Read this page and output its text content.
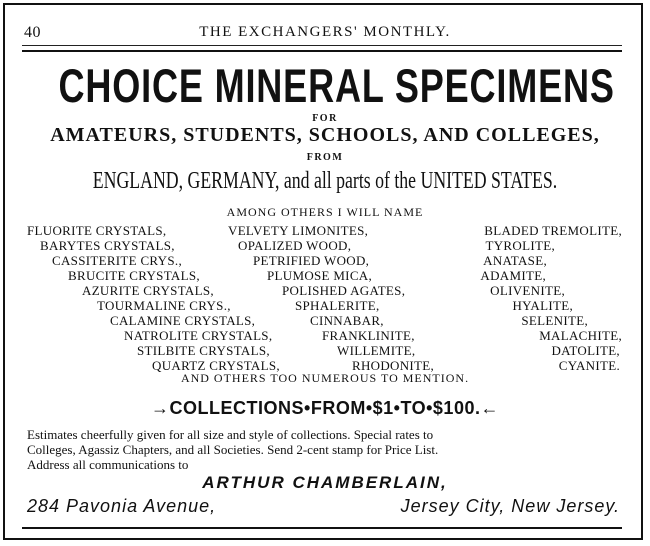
40	THE EXCHANGERS' MONTHLY.
CHOICE MINERAL SPECIMENS
FOR
AMATEURS, STUDENTS, SCHOOLS, AND COLLEGES,
FROM
ENGLAND, GERMANY, and all parts of the UNITED STATES.
AMONG OTHERS I WILL NAME
FLUORITE CRYSTALS,
BARYTES CRYSTALS,
CASSITERITE CRYS.,
BRUCITE CRYSTALS,
AZURITE CRYSTALS,
TOURMALINE CRYS.,
CALAMINE CRYSTALS,
NATROLITE CRYSTALS,
STILBITE CRYSTALS,
QUARTZ CRYSTALS,
VELVETY LIMONITES,
OPALIZED WOOD,
PETRIFIED WOOD,
PLUMOSE MICA,
POLISHED AGATES,
SPHALERITE,
CINNABAR,
FRANKLINITE,
WILLEMITE,
RHODONITE,
BLADED TREMOLITE,
TYROLITE,
ANATASE,
ADAMITE,
OLIVENITE,
HYALITE,
SELENITE,
MALACHITE,
DATOLITE,
CYANITE.
AND OTHERS TOO NUMEROUS TO MENTION.
→COLLECTIONS•FROM•$1•TO•$100.←
Estimates cheerfully given for all size and style of collections. Special rates to
Colleges, Agassiz Chapters, and all Societies. Send 2-cent stamp for Price List.
Address all communications to
ARTHUR CHAMBERLAIN,
284 Pavonia Avenue,	Jersey City, New Jersey.
